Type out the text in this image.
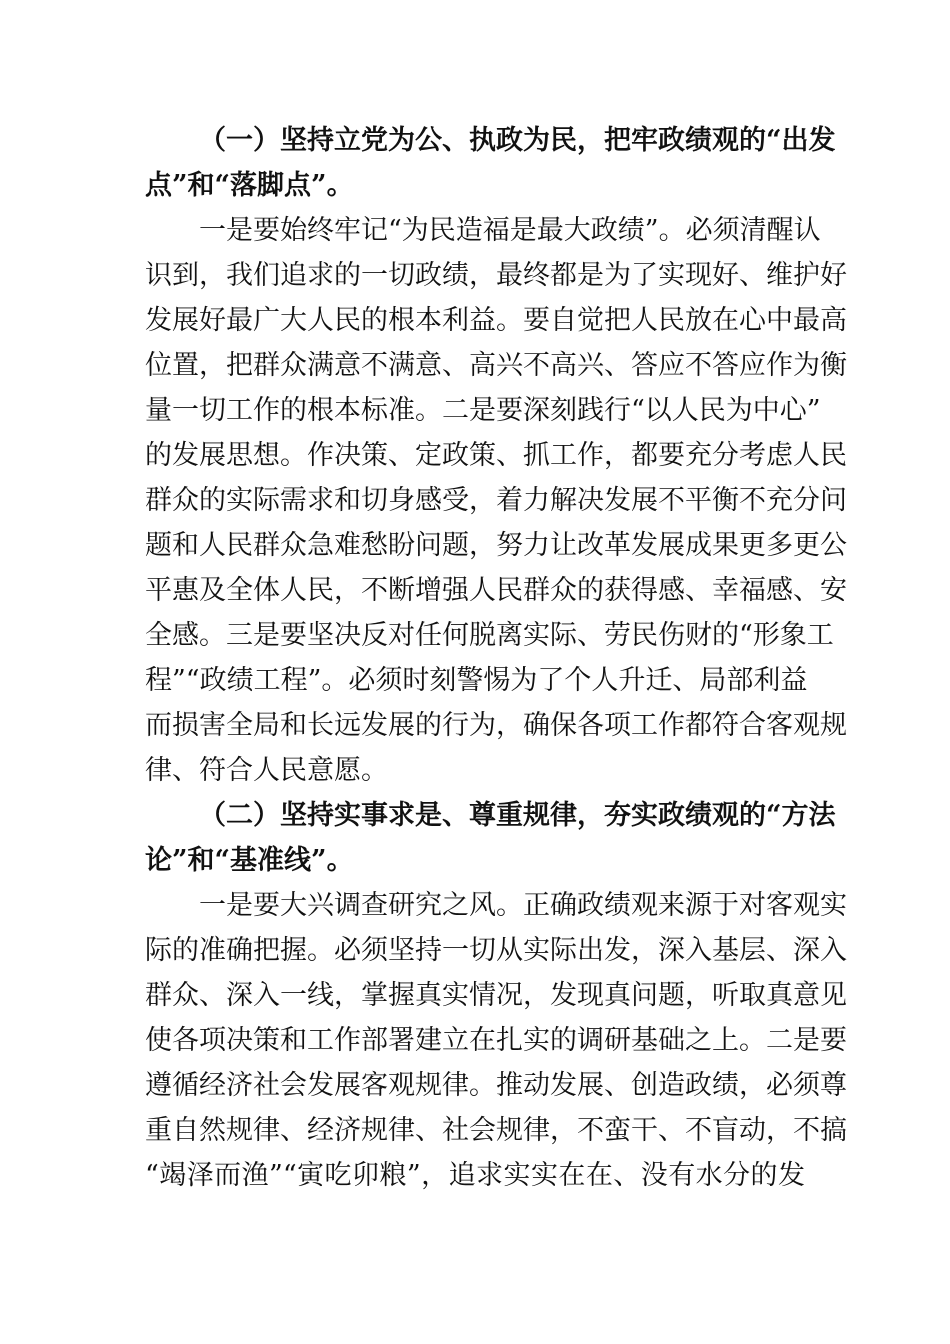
（一）坚持立党为公、执政为民，把牢政绩观的“出发
点”和“落脚点”。
一是要始终牢记“为民造福是最大政绩”。必须清醒认
识到，我们追求的一切政绩，最终都是为了实现好、维护好
发展好最广大人民的根本利益。要自觉把人民放在心中最高
位置，把群众满意不满意、高兴不高兴、答应不答应作为衡
量一切工作的根本标准。二是要深刻践行“以人民为中心”
的发展思想。作决策、定政策、抓工作，都要充分考虑人民
群众的实际需求和切身感受，着力解决发展不平衡不充分问
题和人民群众急难愁盼问题，努力让改革发展成果更多更公
平惠及全体人民，不断增强人民群众的获得感、幸福感、安
全感。三是要坚决反对任何脱离实际、劳民伤财的“形象工
程”“政绩工程”。必须时刻警惕为了个人升迁、局部利益
而损害全局和长远发展的行为，确保各项工作都符合客观规
律、符合人民意愿。
（二）坚持实事求是、尊重规律，夯实政绩观的“方法
论”和“基准线”。
一是要大兴调查研究之风。正确政绩观来源于对客观实
际的准确把握。必须坚持一切从实际出发，深入基层、深入
群众、深入一线，掌握真实情况，发现真问题，听取真意见
使各项决策和工作部署建立在扎实的调研基础之上。二是要
遵循经济社会发展客观规律。推动发展、创造政绩，必须尊
重自然规律、经济规律、社会规律，不蛮干、不盲动，不搞
“竭泽而渔”“寅吃卯粮”，追求实实在在、没有水分的发
